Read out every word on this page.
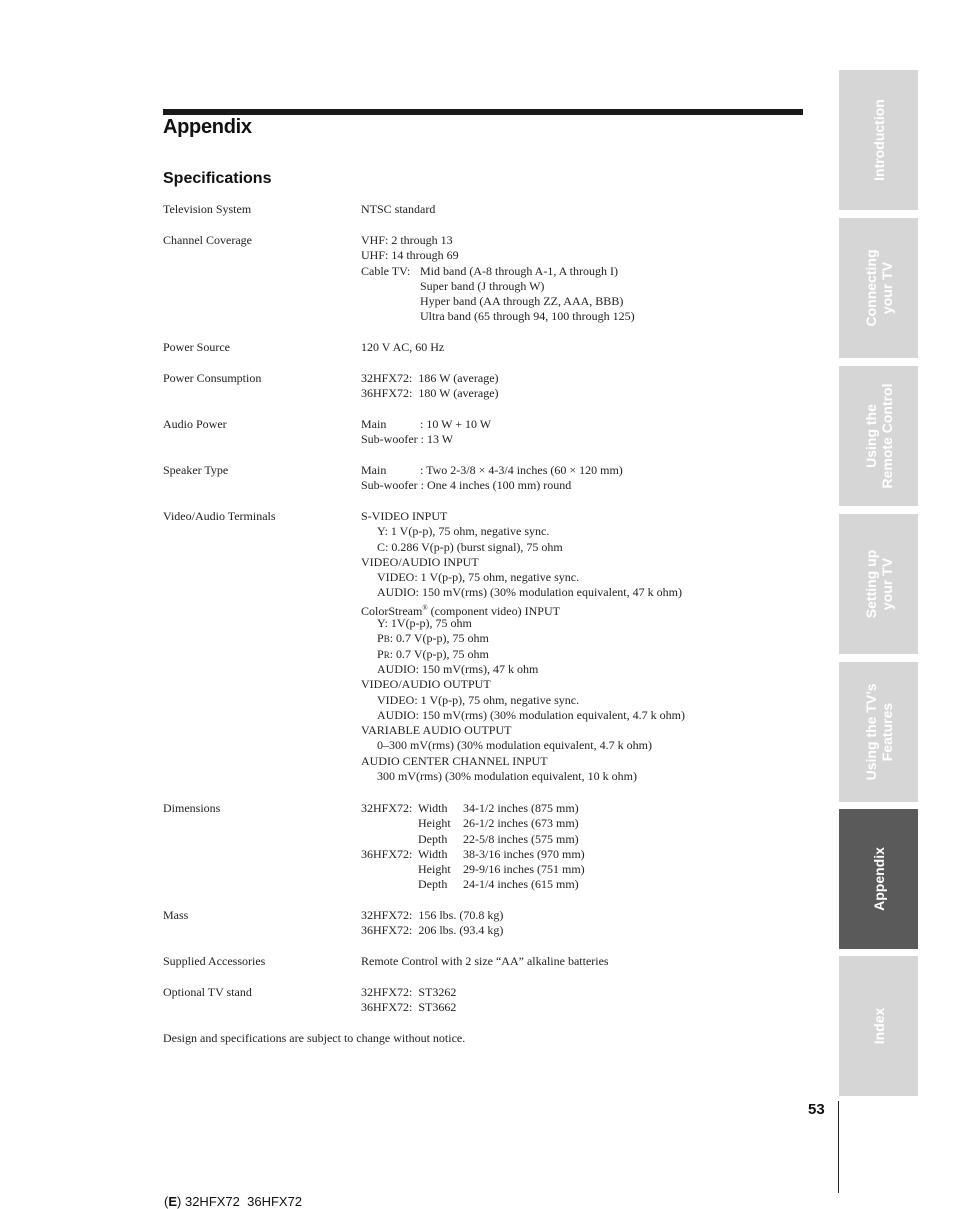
Appendix
Specifications
Television System	NTSC standard
Channel Coverage	VHF: 2 through 13
UHF: 14 through 69
Cable TV: Mid band (A-8 through A-1, A through I)
Super band (J through W)
Hyper band (AA through ZZ, AAA, BBB)
Ultra band (65 through 94, 100 through 125)
Power Source	120 V AC, 60 Hz
Power Consumption	32HFX72:  186 W (average)
36HFX72:  180 W (average)
Audio Power	Main	: 10 W + 10 W
Sub-woofer : 13 W
Speaker Type	Main	: Two 2-3/8 × 4-3/4 inches (60 × 120 mm)
Sub-woofer : One 4 inches (100 mm) round
Video/Audio Terminals	S-VIDEO INPUT
Y: 1 V(p-p), 75 ohm, negative sync.
C: 0.286 V(p-p) (burst signal), 75 ohm
VIDEO/AUDIO INPUT
VIDEO: 1 V(p-p), 75 ohm, negative sync.
AUDIO: 150 mV(rms) (30% modulation equivalent, 47 k ohm)
ColorStream® (component video) INPUT
Y: 1V(p-p), 75 ohm
PB: 0.7 V(p-p), 75 ohm
PR: 0.7 V(p-p), 75 ohm
AUDIO: 150 mV(rms), 47 k ohm
VIDEO/AUDIO OUTPUT
VIDEO: 1 V(p-p), 75 ohm, negative sync.
AUDIO: 150 mV(rms) (30% modulation equivalent, 4.7 k ohm)
VARIABLE AUDIO OUTPUT
0–300 mV(rms) (30% modulation equivalent, 4.7 k ohm)
AUDIO CENTER CHANNEL INPUT
300 mV(rms) (30% modulation equivalent, 10 k ohm)
Dimensions	32HFX72: Width 34-1/2 inches (875 mm)
Height 26-1/2 inches (673 mm)
Depth 22-5/8 inches (575 mm)
36HFX72: Width 38-3/16 inches (970 mm)
Height 29-9/16 inches (751 mm)
Depth 24-1/4 inches (615 mm)
Mass	32HFX72:  156 lbs. (70.8 kg)
36HFX72:  206 lbs. (93.4 kg)
Supplied Accessories	Remote Control with 2 size “AA” alkaline batteries
Optional TV stand	32HFX72:  ST3262
36HFX72:  ST3662
Design and specifications are subject to change without notice.
Introduction
Connecting
your TV
Using the
Remote Control
Setting up
your TV
Using the TV’s
Features
Appendix
Index
53
(E) 32HFX72  36HFX72
